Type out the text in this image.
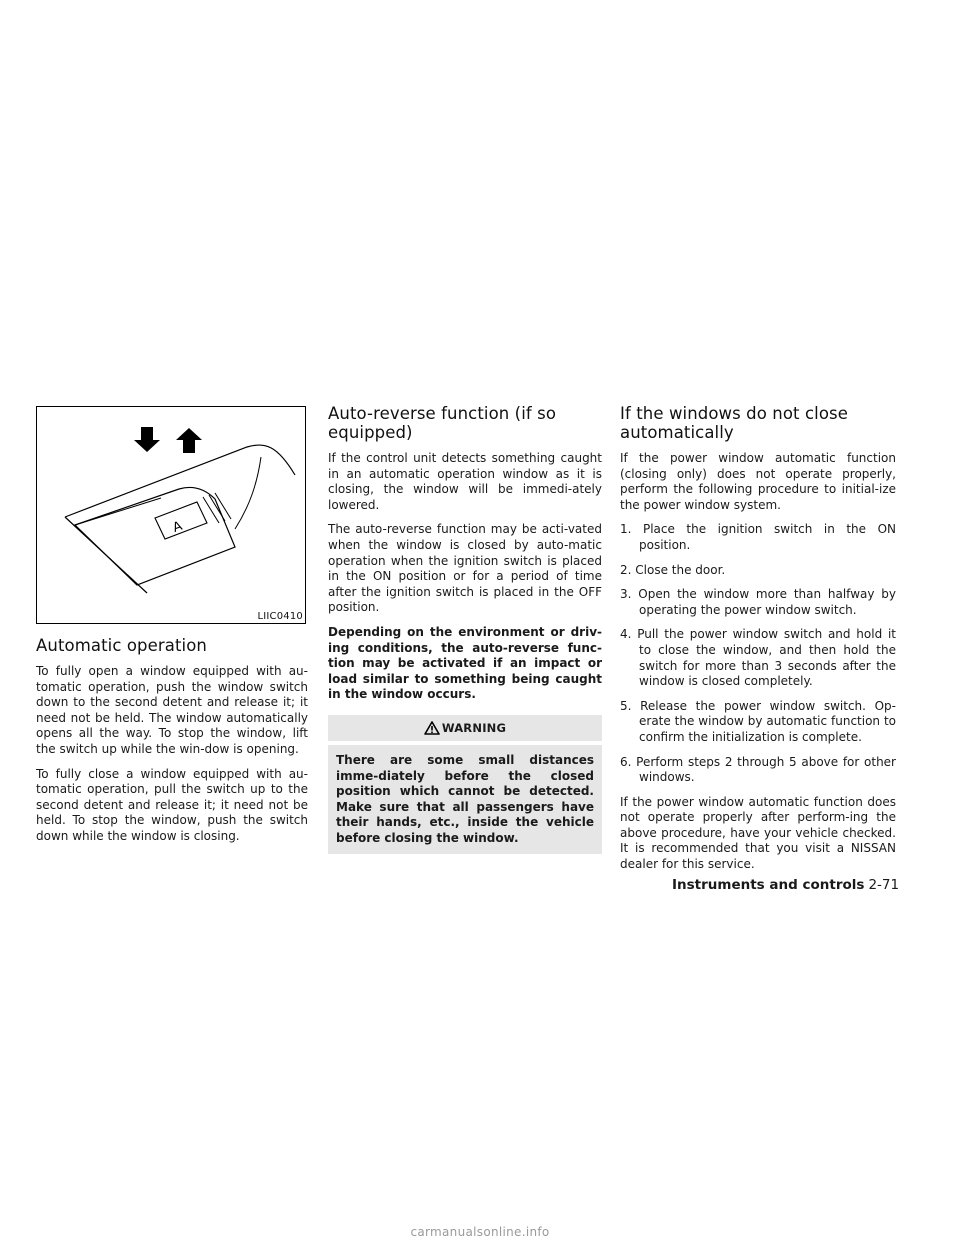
A
LIIC0410
Automatic operation

To fully open a window equipped with au-tomatic operation, push the window switch down to the second detent and release it; it need not be held. The window automatically opens all the way. To stop the window, lift the switch up while the win-dow is opening.

To fully close a window equipped with au-tomatic operation, pull the switch up to the second detent and release it; it need not be held. To stop the window, push the switch down while the window is closing.

Auto-reverse function (if so equipped)

If the control unit detects something caught in an automatic operation window as it is closing, the window will be immedi-ately lowered.

The auto-reverse function may be acti-vated when the window is closed by auto-matic operation when the ignition switch is placed in the ON position or for a period of time after the ignition switch is placed in the OFF position.

Depending on the environment or driv-ing conditions, the auto-reverse func-tion may be activated if an impact or load similar to something being caught in the window occurs.

WARNING
There are some small distances imme-diately before the closed position which cannot be detected. Make sure that all passengers have their hands, etc., inside the vehicle before closing the window.
If the windows do not close automatically

If the power window automatic function (closing only) does not operate properly, perform the following procedure to initial-ize the power window system.

1. Place the ignition switch in the ON position.
2. Close the door.
3. Open the window more than halfway by operating the power window switch.
4. Pull the power window switch and hold it to close the window, and then hold the switch for more than 3 seconds after the window is closed completely.
5. Release the power window switch. Op-erate the window by automatic function to confirm the initialization is complete.
6. Perform steps 2 through 5 above for other windows.

If the power window automatic function does not operate properly after perform-ing the above procedure, have your vehicle checked. It is recommended that you visit a NISSAN dealer for this service.

Instruments and controls 2-71
carmanualsonline.info
